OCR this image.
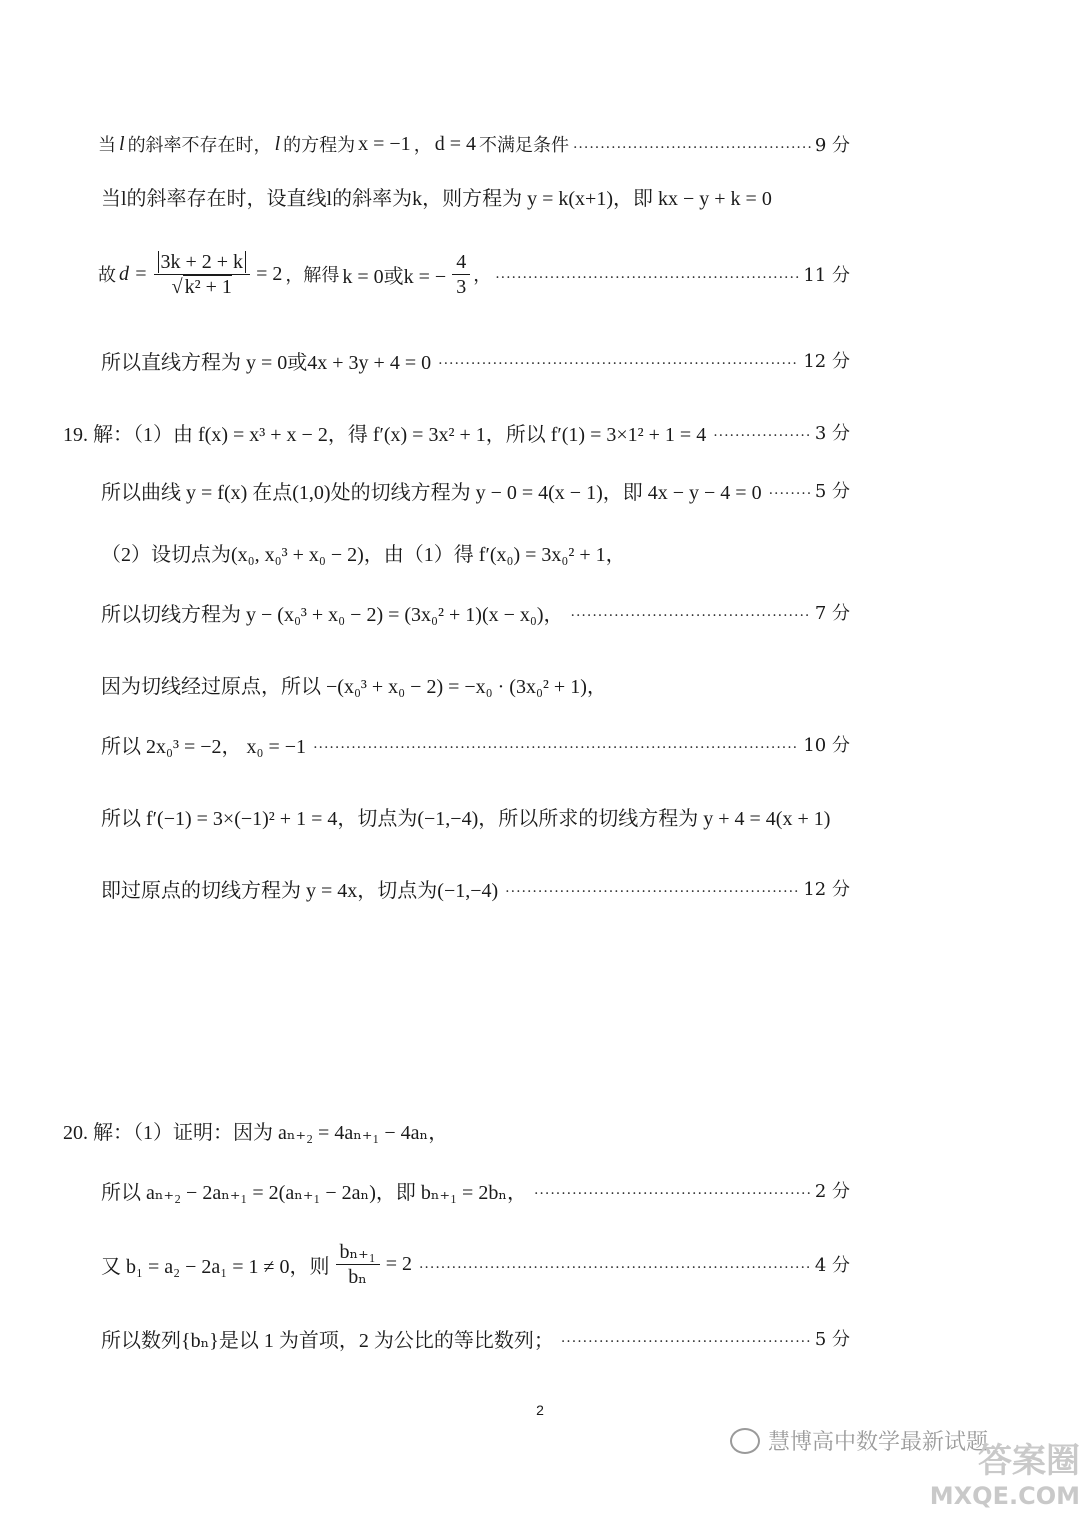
当 l 的斜率不存在时， l 的方程为 x = −1 ， d = 4 不满足条件 .....	9 分
当l的斜率存在时，设直线l的斜率为k，则方程为 y = k(x+1)，即 kx − y + k = 0
故 $d = \frac{3k + 2 + k}{\text{√ k² + 1}} = 2$ ，解得 k = 0或k = − $\frac{4}{3}$ ， .....	11 分
所以直线方程为 y = 0或4x + 3y + 4 = 0 .....	12 分
19. 解：（1）由 f(x) = x³ + x − 2，得 f′(x) = 3x² + 1，所以 f′(1) = 3×1² + 1 = 4 .....	3 分
所以曲线 y = f(x) 在点(1,0)处的切线方程为 y − 0 = 4(x − 1)，即 4x − y − 4 = 0 .....	5 分
（2）设切点为(x₀, x₀³ + x₀ − 2)，由（1）得 f′(x₀) = 3x₀² + 1，
所以切线方程为 y − (x₀³ + x₀ − 2) = (3x₀² + 1)(x − x₀)， .....	7 分
因为切线经过原点，所以 −(x₀³ + x₀ − 2) = −x₀ · (3x₀² + 1)，
所以 2x₀³ = −2， x₀ = −1 .....	10 分
所以 f′(−1) = 3×(−1)² + 1 = 4，切点为(−1,−4)，所以所求的切线方程为 y + 4 = 4(x + 1)
即过原点的切线方程为 y = 4x，切点为(−1,−4) .....	12 分
20. 解：（1）证明：因为 aₙ₊₂ = 4aₙ₊₁ − 4aₙ，
所以 aₙ₊₂ − 2aₙ₊₁ = 2(aₙ₊₁ − 2aₙ)，即 bₙ₊₁ = 2bₙ， .....	2 分
又 b₁ = a₂ − 2a₁ = 1 ≠ 0，则 $\frac{\text{bₙ₊₁}}{\text{bₙ}} = 2$ .....	4 分
所以数列{bₙ}是以 1 为首项，2 为公比的等比数列； .....	5 分
2
慧博高中数学最新试题
答案圈
MXQE.COM
